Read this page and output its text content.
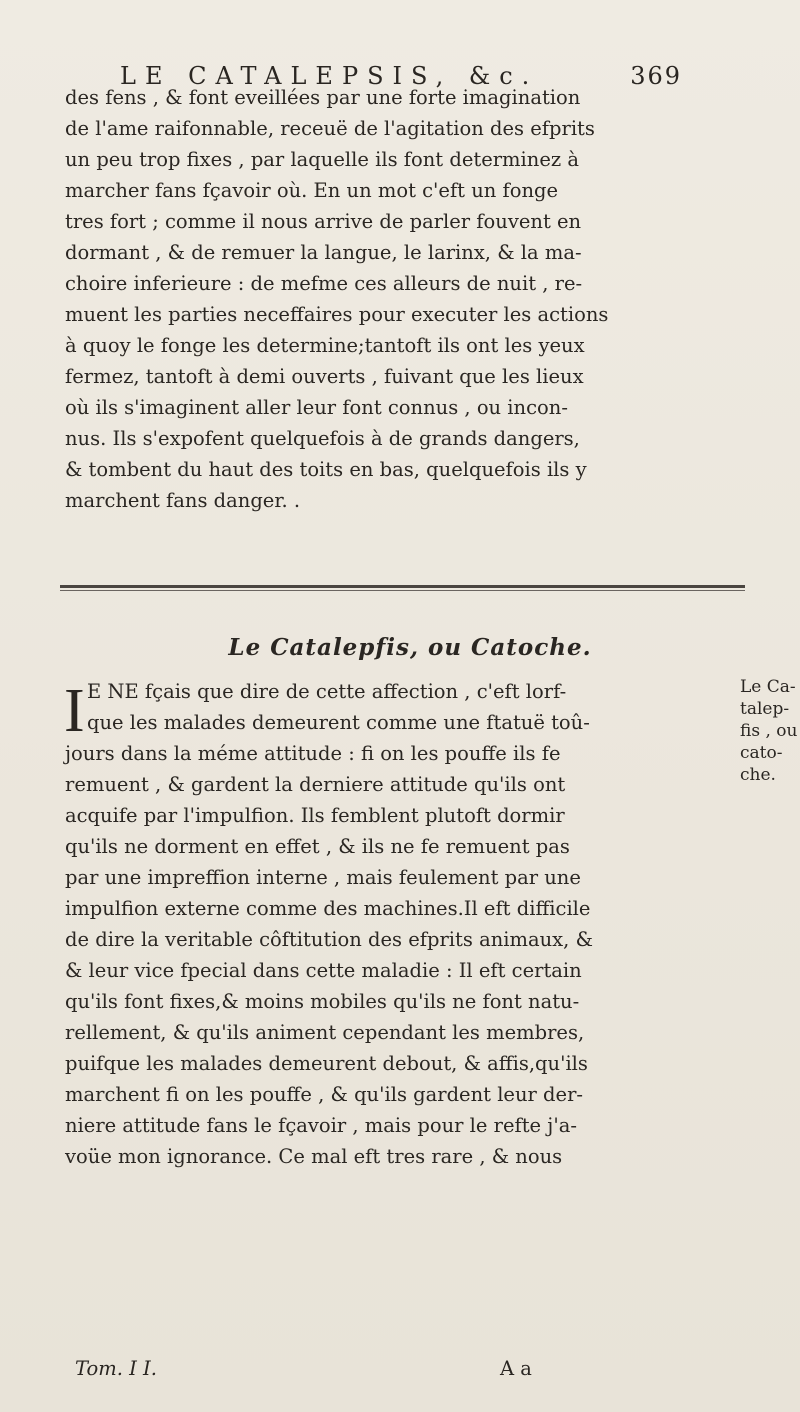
LE CATALEPSIS, &c.	369
des fens , & font eveillées par une forte imagination
de l'ame raifonnable, receuë de l'agitation des efprits
un peu trop fixes , par laquelle ils font determinez à
marcher fans fçavoir où. En un mot c'eft un fonge
tres fort ; comme il nous arrive de parler fouvent en
dormant , & de remuer la langue, le larinx, & la ma-
choire inferieure : de mefme ces alleurs de nuit , re-
muent les parties neceffaires pour executer les actions
à quoy le fonge les determine;tantoft ils ont les yeux
fermez, tantoft à demi ouverts , fuivant que les lieux
où ils s'imaginent aller leur font connus , ou incon-
nus. Ils s'expofent quelquefois à de grands dangers,
& tombent du haut des toits en bas, quelquefois ils y
marchent fans danger. .
Le Catalepfis, ou Catoche.
I E NE fçais que dire de cette affection , c'eft lorf-
que les malades demeurent comme une ftatuë toû-
jours dans la méme attitude : fi on les pouffe ils fe
remuent , & gardent la derniere attitude qu'ils ont
acquife par l'impulfion. Ils femblent plutoft dormir
qu'ils ne dorment en effet , & ils ne fe remuent pas
par une impreffion interne , mais feulement par une
impulfion externe comme des machines.Il eft difficile
de dire la veritable côftitution des efprits animaux, &
& leur vice fpecial dans cette maladie : Il eft certain
qu'ils font fixes,& moins mobiles qu'ils ne font natu-
rellement, & qu'ils animent cependant les membres,
puifque les malades demeurent debout, & affis,qu'ils
marchent fi on les pouffe , & qu'ils gardent leur der-
niere attitude fans le fçavoir , mais pour le refte j'a-
voüe mon ignorance. Ce mal eft tres rare , & nous
Le Ca-
talep-
fis , ou
cato-
che.
Tom. I I.	A a
